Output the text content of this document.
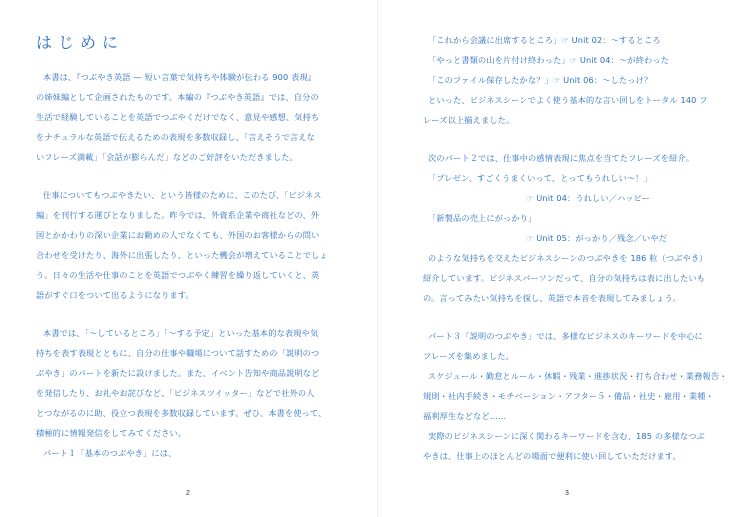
はじめに
本書は、『つぶやき英語 ― 短い言葉で気持ちや体験が伝わる 900 表現』
の姉妹編として企画されたものです。本編の『つぶやき英語』では、自分の
生活で経験していることを英語でつぶやくだけでなく、意見や感想、気持ち
をナチュラルな英語で伝えるための表現を多数収録し、「言えそうで言えな
いフレーズ満載」「会話が膨らんだ」などのご好評をいただきました。
仕事についてもつぶやきたい、という皆様のために、このたび、「ビジネス
編」を刊行する運びとなりました。昨今では、外資系企業や商社などの、外
国とかかわりの深い企業にお勤めの人でなくても、外国のお客様からの問い
合わせを受けたり、海外に出張したり、といった機会が増えていることでしょ
う。日々の生活や仕事のことを英語でつぶやく練習を繰り返していくと、英
語がすぐ口をついて出るようになります。
本書では、「〜しているところ」「〜する予定」といった基本的な表現や気
持ちを表す表現とともに、自分の仕事や職場について話すための「説明のつ
ぶやき」のパートを新たに設けました。また、イベント告知や商品説明など
を発信したり、お礼やお詫びなど、「ビジネスツイッター」などで社外の人
とつながるのに助、役立つ表現を多数収録しています。ぜひ、本書を使って、
積極的に情報発信をしてみてください。
パート１「基本のつぶやき」には、
2
「これから会議に出席するところ」☞ Unit 02：〜するところ
「やっと書類の山を片付け終わった」☞ Unit 04：〜が終わった
「このファイル保存したかな？」☞ Unit 06：〜したっけ？
といった、ビジネスシーンでよく使う基本的な言い回しをトータル 140 フ
レーズ以上揃えました。
次のパート２では、仕事中の感情表現に焦点を当てたフレーズを紹介。
「プレゼン、すごくうまくいって、とってもうれしい〜！」
☞ Unit 04：うれしい／ハッピー
「新製品の売上にがっかり」
☞ Unit 05：がっかり／残念／いやだ
のような気持ちを交えたビジネスシーンのつぶやきを 186 粒（つぶやき）
紹介しています。ビジネスパーソンだって、自分の気持ちは表に出したいも
の。言ってみたい気持ちを探し、英語で本音を表現してみましょう。
パート３「説明のつぶやき」では、多様なビジネスのキーワードを中心に
フレーズを集めました。
スケジュール・勤怠とルール・休暇・残業・進捗状況・打ち合わせ・業務報告・
規則・社内手続き・モチベーション・アフター５・備品・社史・雇用・業種・
福利厚生などなど……
実際のビジネスシーンに深く関わるキーワードを含む、185 の多様なつぶ
やきは、仕事上のほとんどの場面で便利に使い回していただけます。
3
